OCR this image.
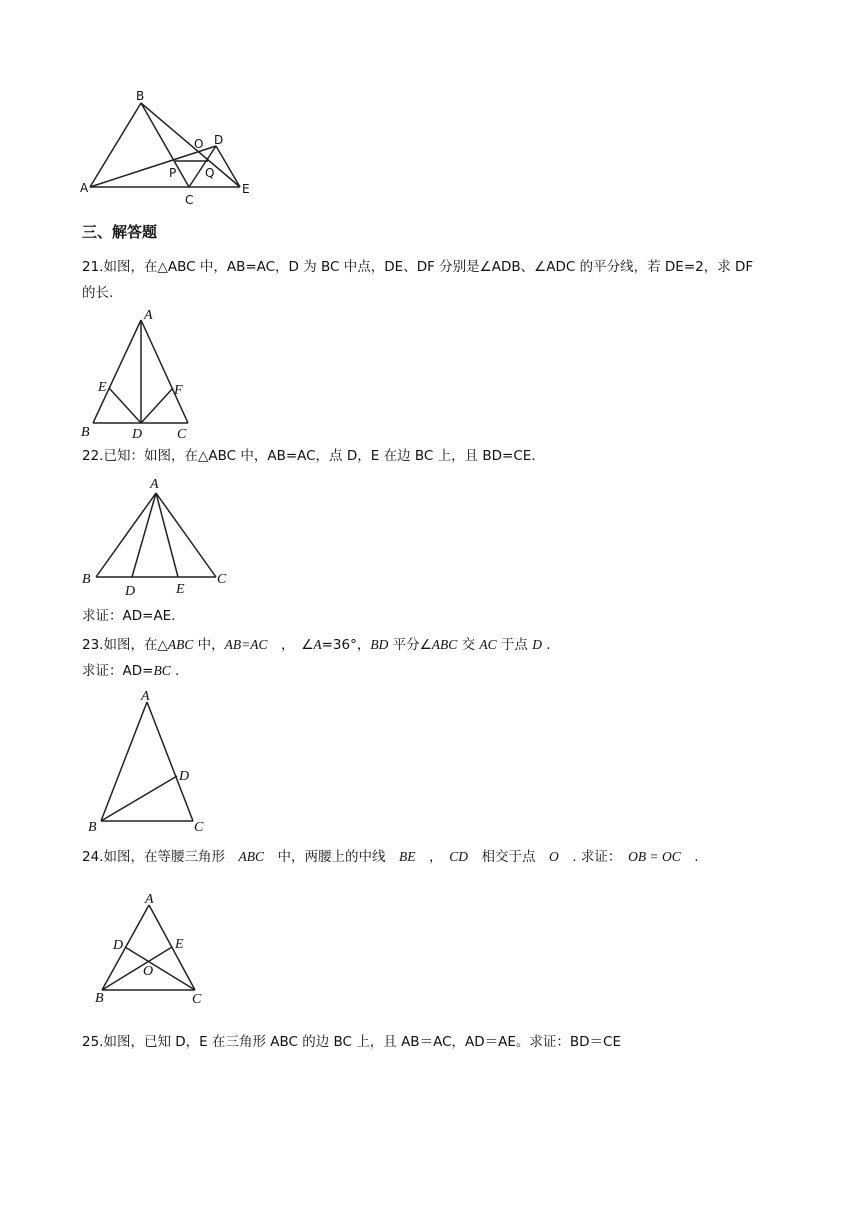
B
O D
A
P Q
C
E
三、解答题
21.如图，在△ABC 中，AB=AC，D 为 BC 中点，DE、DF 分别是∠ADB、∠ADC 的平分线，若 DE=2，求 DF
的长.
A
E	F
B	D C
22.已知：如图，在△ABC 中，AB=AC，点 D，E 在边 BC 上，且 BD=CE.
A
B
D	E
C
求证：AD=AE.
23.如图，在△ABC 中，AB=AC　，　∠A=36°，BD 平分∠ABC 交 AC 于点 D .
求证：AD=BC .
A
D
B	C
24.如图，在等腰三角形　ABC　中，两腰上的中线　BE　，　CD　相交于点　O　. 求证：　OB = OC　.
A
D	E
O
B	C
25.如图，已知 D，E 在三角形 ABC 的边 BC 上，且 AB＝AC，AD＝AE。求证：BD＝CE
